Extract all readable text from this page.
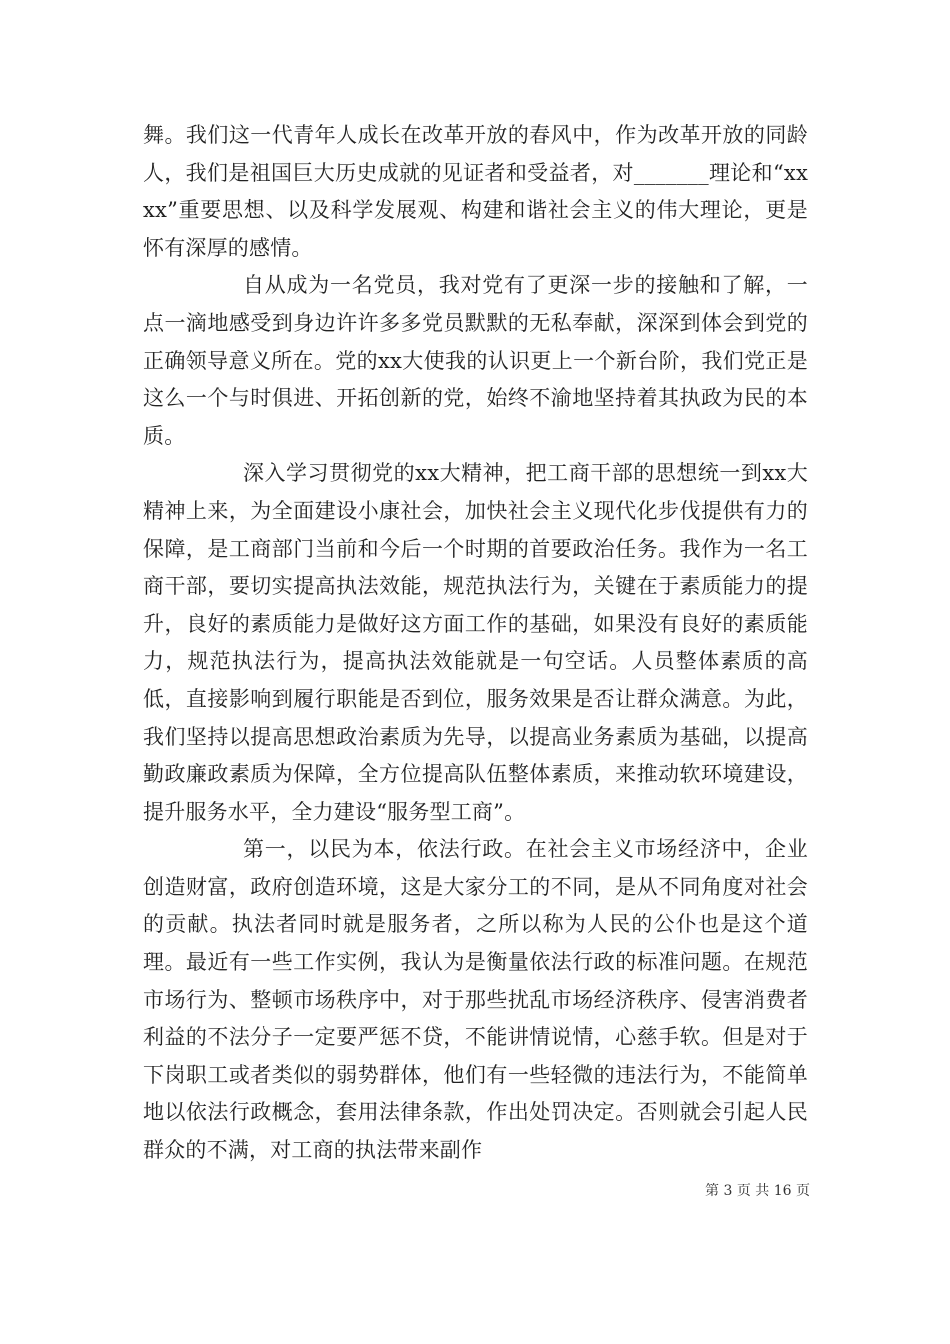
舞。我们这一代青年人成长在改革开放的春风中，作为改革开放的同龄人，我们是祖国巨大历史成就的见证者和受益者，对_______理论和“xxxx”重要思想、以及科学发展观、构建和谐社会主义的伟大理论，更是怀有深厚的感情。

自从成为一名党员，我对党有了更深一步的接触和了解，一点一滴地感受到身边许许多多党员默默的无私奉献，深深到体会到党的正确领导意义所在。党的xx大使我的认识更上一个新台阶，我们党正是这么一个与时俱进、开拓创新的党，始终不渝地坚持着其执政为民的本质。

深入学习贯彻党的xx大精神，把工商干部的思想统一到xx大精神上来，为全面建设小康社会，加快社会主义现代化步伐提供有力的保障，是工商部门当前和今后一个时期的首要政治任务。我作为一名工商干部，要切实提高执法效能，规范执法行为，关键在于素质能力的提升，良好的素质能力是做好这方面工作的基础，如果没有良好的素质能力，规范执法行为，提高执法效能就是一句空话。人员整体素质的高低，直接影响到履行职能是否到位，服务效果是否让群众满意。为此，我们坚持以提高思想政治素质为先导，以提高业务素质为基础，以提高勤政廉政素质为保障，全方位提高队伍整体素质，来推动软环境建设，提升服务水平，全力建设“服务型工商”。

第一，以民为本，依法行政。在社会主义市场经济中，企业创造财富，政府创造环境，这是大家分工的不同，是从不同角度对社会的贡献。执法者同时就是服务者，之所以称为人民的公仆也是这个道理。最近有一些工作实例，我认为是衡量依法行政的标准问题。在规范市场行为、整顿市场秩序中，对于那些扰乱市场经济秩序、侵害消费者利益的不法分子一定要严惩不贷，不能讲情说情，心慈手软。但是对于下岗职工或者类似的弱势群体，他们有一些轻微的违法行为，不能简单地以依法行政概念，套用法律条款，作出处罚决定。否则就会引起人民群众的不满，对工商的执法带来副作

第 3 页 共 16 页
